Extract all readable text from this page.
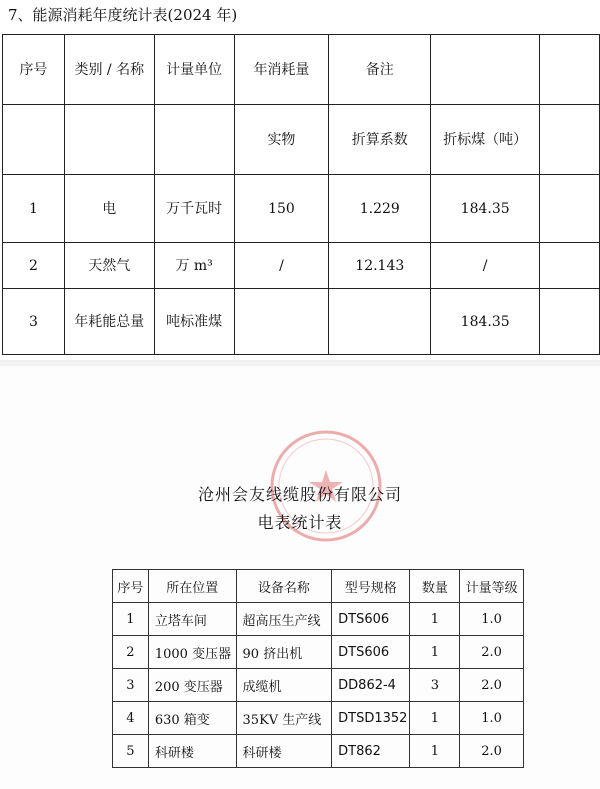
7、能源消耗年度统计表(2024 年)
序号	类别 / 名称	计量单位	年消耗量	备注		
			实物	折算系数	折标煤（吨）	
1	电	万千瓦时	150	1.229	184.35	
2	天然气	万 m³	/	12.143	/	
3	年耗能总量	吨标准煤			184.35	
沧州会友线缆股份有限公司
电表统计表
序号	所在位置	设备名称	型号规格	数量	计量等级
1	立塔车间	超高压生产线	DTS606	1	1.0
2	1000 变压器	90 挤出机	DTS606	1	2.0
3	200 变压器	成缆机	DD862-4	3	2.0
4	630 箱变	35KV 生产线	DTSD1352	1	1.0
5	科研楼	科研楼	DT862	1	2.0
